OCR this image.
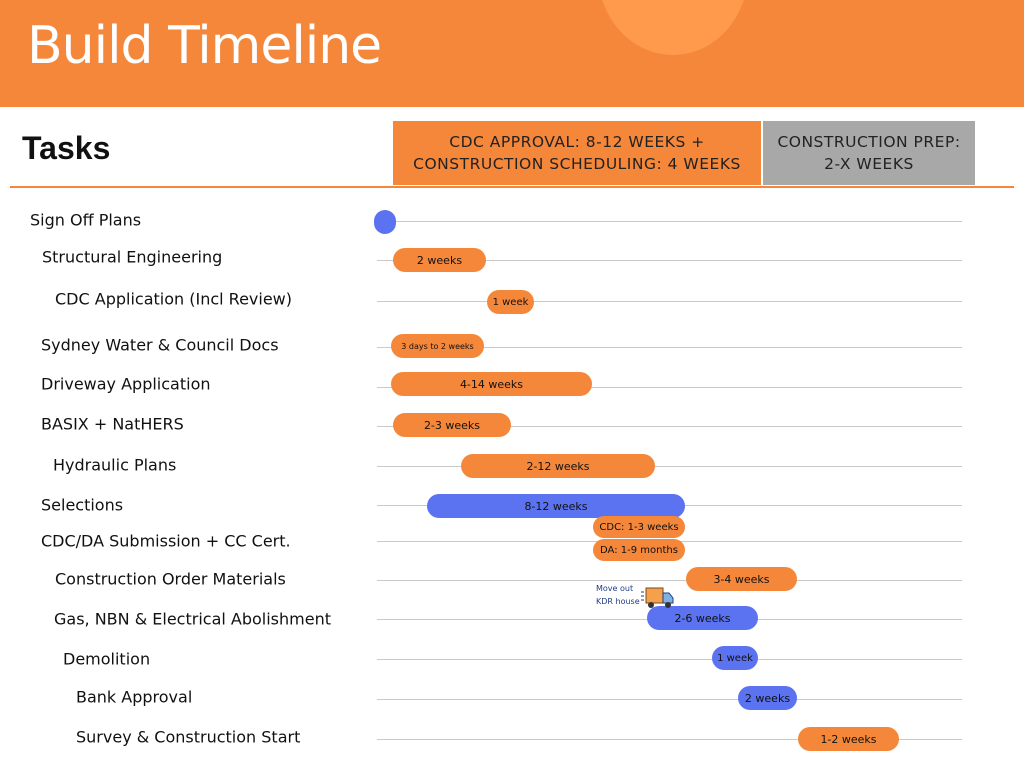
Build Timeline
Tasks	CDC APPROVAL: 8-12 WEEKS +
CONSTRUCTION SCHEDULING: 4 WEEKS
CONSTRUCTION PREP:
2-X WEEKS
Sign Off Plans
Structural Engineering	2 weeks
CDC Application (Incl Review)	1 week
Sydney Water & Council Docs	3 days to 2 weeks
Driveway Application	4-14 weeks
BASIX + NatHERS	2-3 weeks
Hydraulic Plans	2-12 weeks
Selections	8-12 weeks
CDC/DA Submission + CC Cert.
CDC: 1-3 weeks
DA: 1-9 months
Construction Order Materials	3-4 weeks
Gas, NBN & Electrical Abolishment	2-6 weeks
Demolition	1 week
Bank Approval	2 weeks
Survey & Construction Start	1-2 weeks
Move out
KDR house
